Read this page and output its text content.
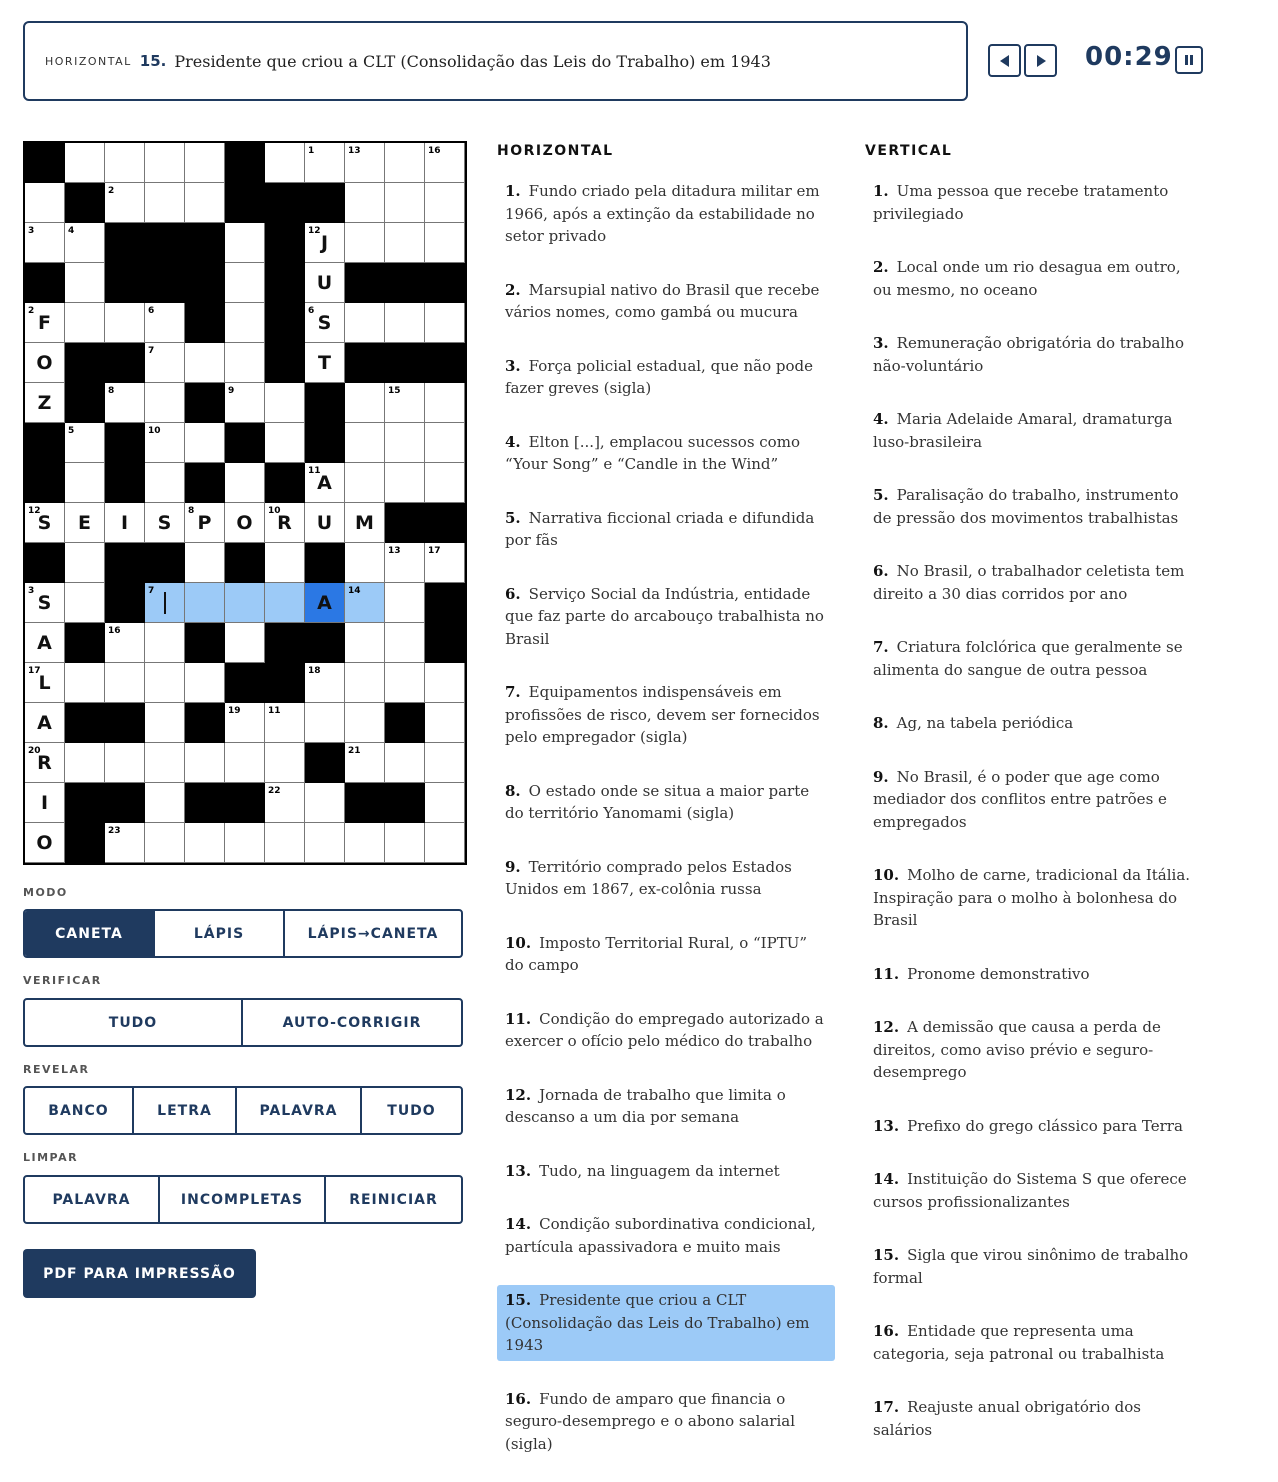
HORIZONTAL 15. Presidente que criou a CLT (Consolidação das Leis do Trabalho) em 1943	00:29
1	13	16
2
3	4	12
J
U
2
F
6	6
S
O
7
T
Z
8	9	15
5	10
11
A
12
S	E	I	S
8
P	O
10
R	U	M
13	17
3
S
7
A
14
A
16
17
L
18
A
19	11
20
R
21
I
22
O
23
MODO
CANETA	LÁPIS	LÁPIS→CANETA
VERIFICAR
TUDO	AUTO-CORRIGIR
REVELAR
BANCO	LETRA	PALAVRA	TUDO
LIMPAR
PALAVRA	INCOMPLETAS	REINICIAR
PDF PARA IMPRESSÃO
HORIZONTAL
1. Fundo criado pela ditadura militar em 1966, após a extinção da estabilidade no setor privado
2. Marsupial nativo do Brasil que recebe vários nomes, como gambá ou mucura
3. Força policial estadual, que não pode fazer greves (sigla)
4. Elton [...], emplacou sucessos como “Your Song” e “Candle in the Wind”
5. Narrativa ficcional criada e difundida por fãs
6. Serviço Social da Indústria, entidade que faz parte do arcabouço trabalhista no Brasil
7. Equipamentos indispensáveis em profissões de risco, devem ser fornecidos pelo empregador (sigla)
8. O estado onde se situa a maior parte do território Yanomami (sigla)
9. Território comprado pelos Estados Unidos em 1867, ex-colônia russa
10. Imposto Territorial Rural, o “IPTU” do campo
11. Condição do empregado autorizado a exercer o ofício pelo médico do trabalho
12. Jornada de trabalho que limita o descanso a um dia por semana
13. Tudo, na linguagem da internet
14. Condição subordinativa condicional, partícula apassivadora e muito mais
15. Presidente que criou a CLT (Consolidação das Leis do Trabalho) em 1943
16. Fundo de amparo que financia o seguro-desemprego e o abono salarial (sigla)
VERTICAL
1. Uma pessoa que recebe tratamento privilegiado
2. Local onde um rio desagua em outro, ou mesmo, no oceano
3. Remuneração obrigatória do trabalho não-voluntário
4. Maria Adelaide Amaral, dramaturga luso-brasileira
5. Paralisação do trabalho, instrumento de pressão dos movimentos trabalhistas
6. No Brasil, o trabalhador celetista tem direito a 30 dias corridos por ano
7. Criatura folclórica que geralmente se alimenta do sangue de outra pessoa
8. Ag, na tabela periódica
9. No Brasil, é o poder que age como mediador dos conflitos entre patrões e empregados
10. Molho de carne, tradicional da Itália. Inspiração para o molho à bolonhesa do Brasil
11. Pronome demonstrativo
12. A demissão que causa a perda de direitos, como aviso prévio e seguro-desemprego
13. Prefixo do grego clássico para Terra
14. Instituição do Sistema S que oferece cursos profissionalizantes
15. Sigla que virou sinônimo de trabalho formal
16. Entidade que representa uma categoria, seja patronal ou trabalhista
17. Reajuste anual obrigatório dos salários
